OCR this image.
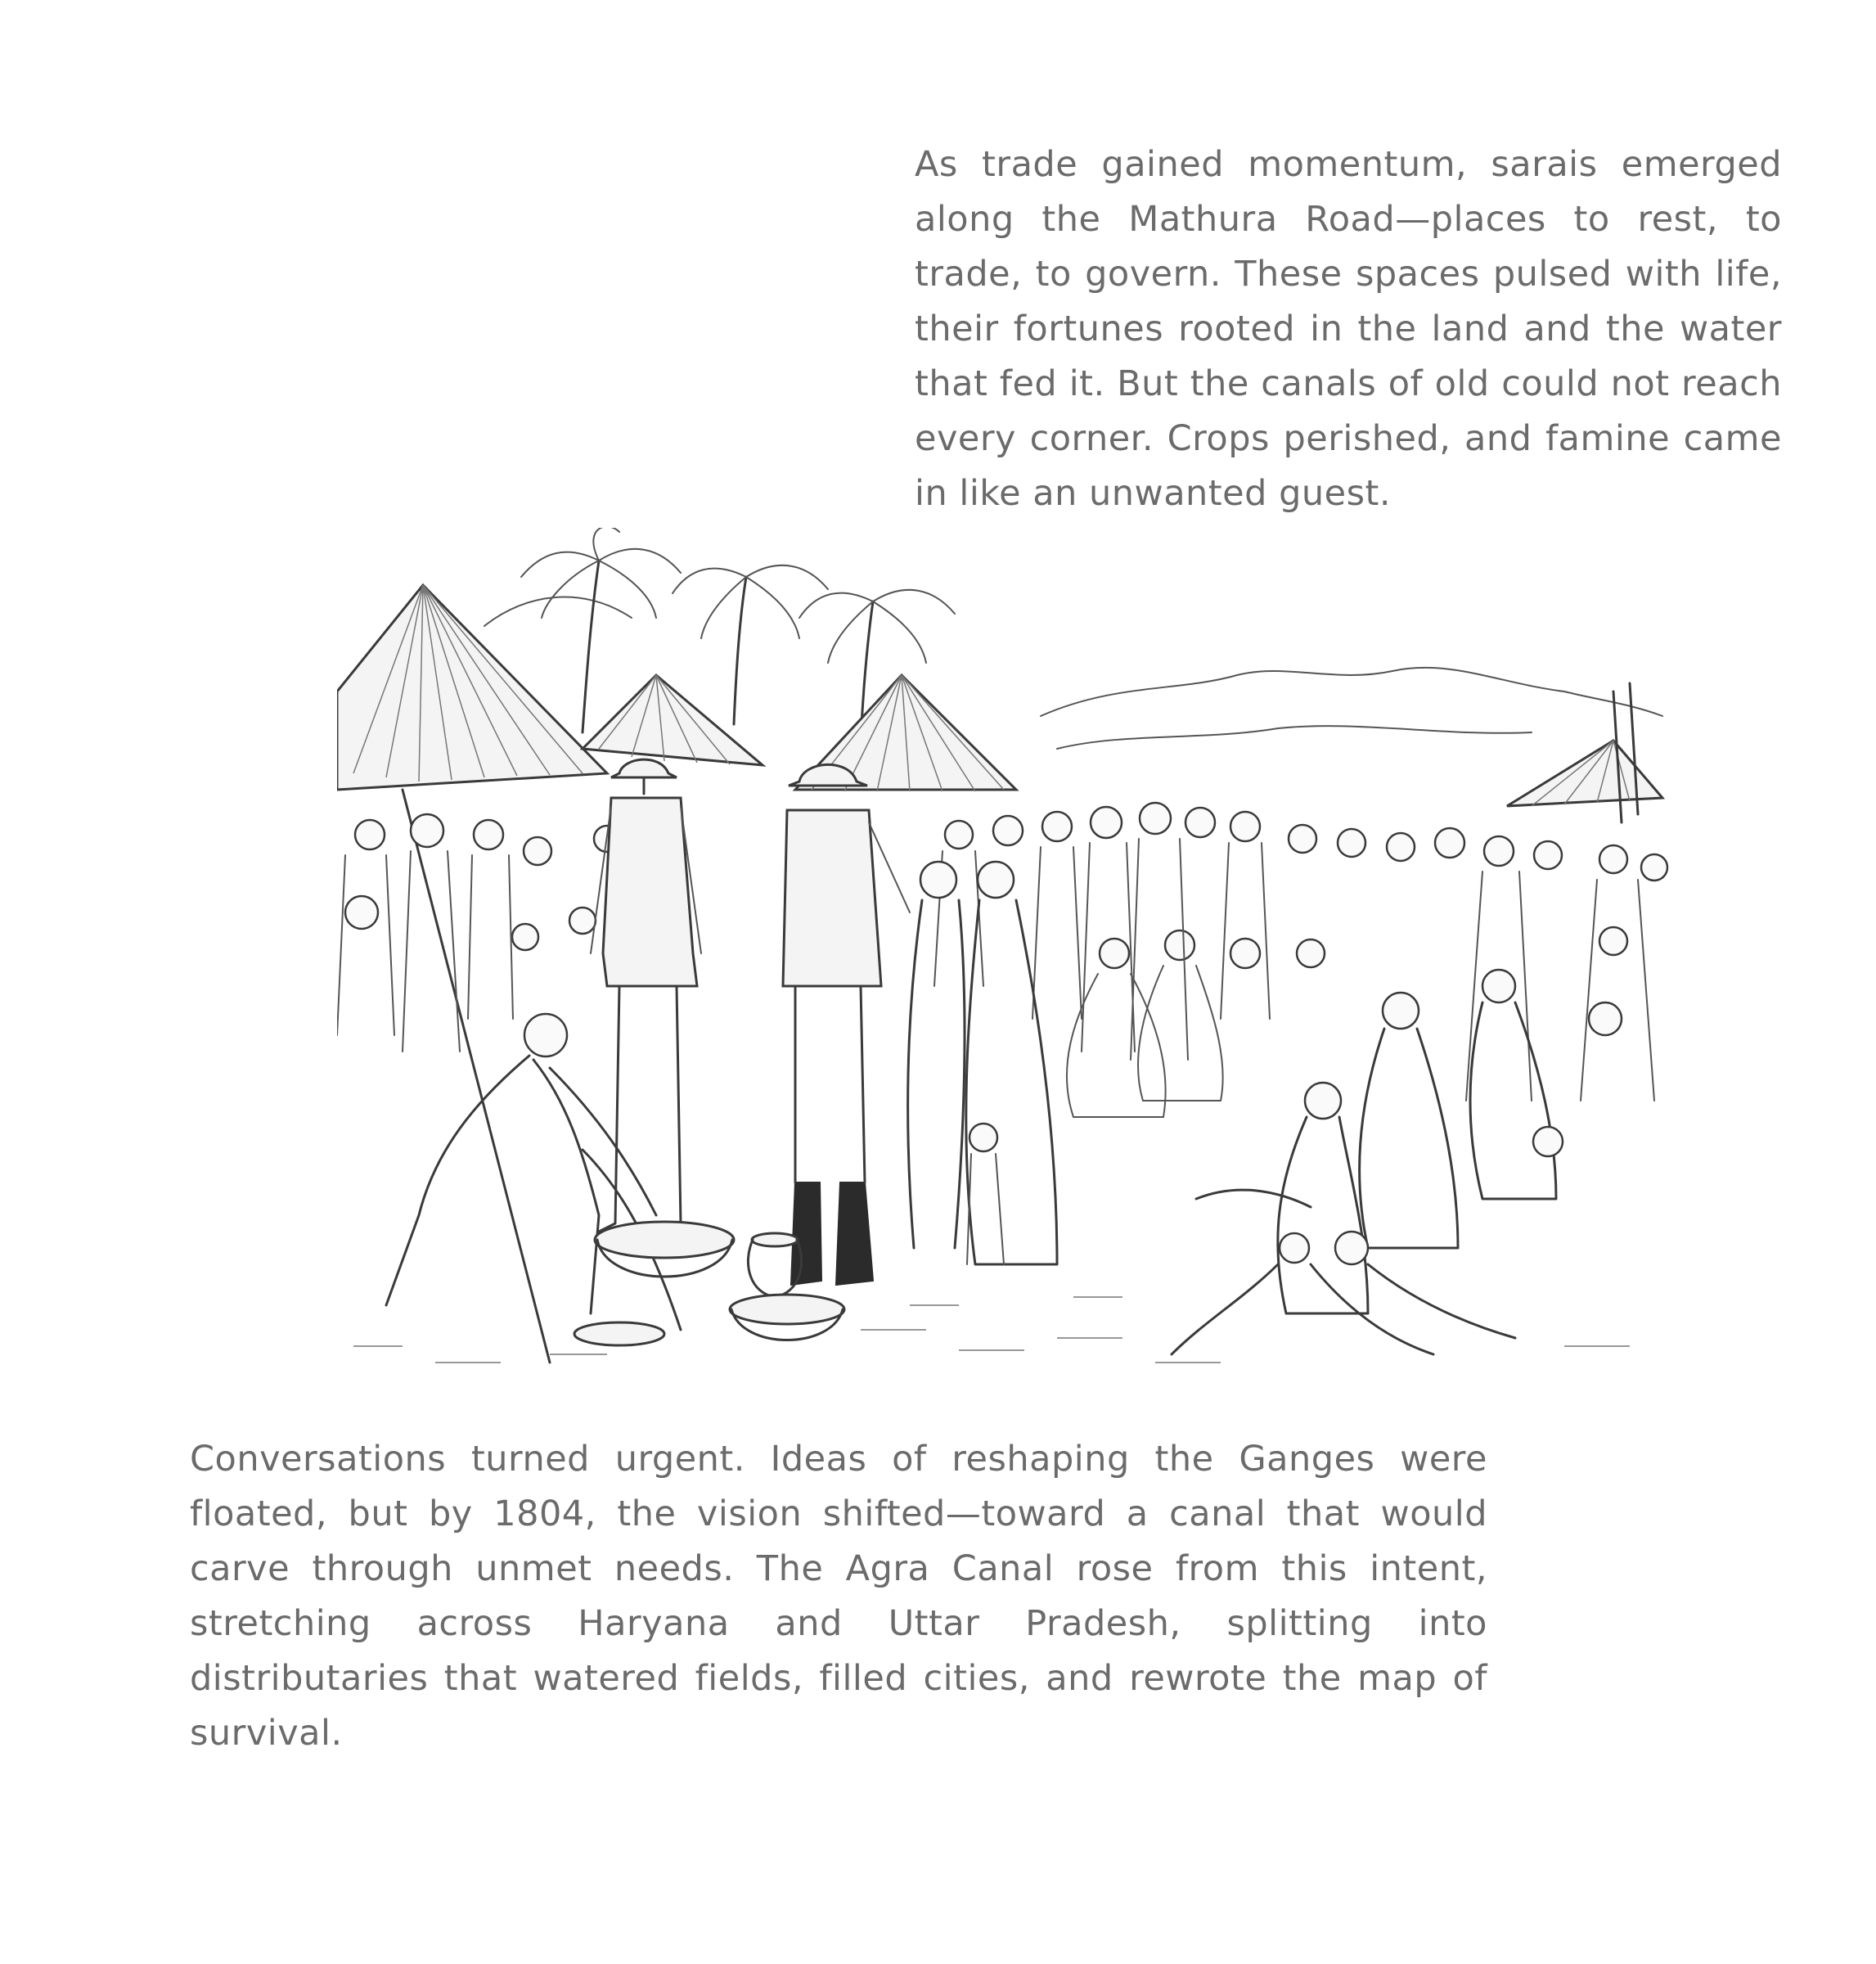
As trade gained momentum, sarais emerged along the Mathura Road—places to rest, to trade, to govern. These spaces pulsed with life, their fortunes rooted in the land and the water that fed it. But the canals of old could not reach every corner. Crops perished, and famine came in like an unwanted guest.

Conversations turned urgent. Ideas of reshaping the Ganges were floated, but by 1804, the vision shifted—toward a canal that would carve through unmet needs. The Agra Canal rose from this intent, stretching across Haryana and Uttar Pradesh, splitting into distributaries that watered fields, filled cities, and rewrote the map of survival.
